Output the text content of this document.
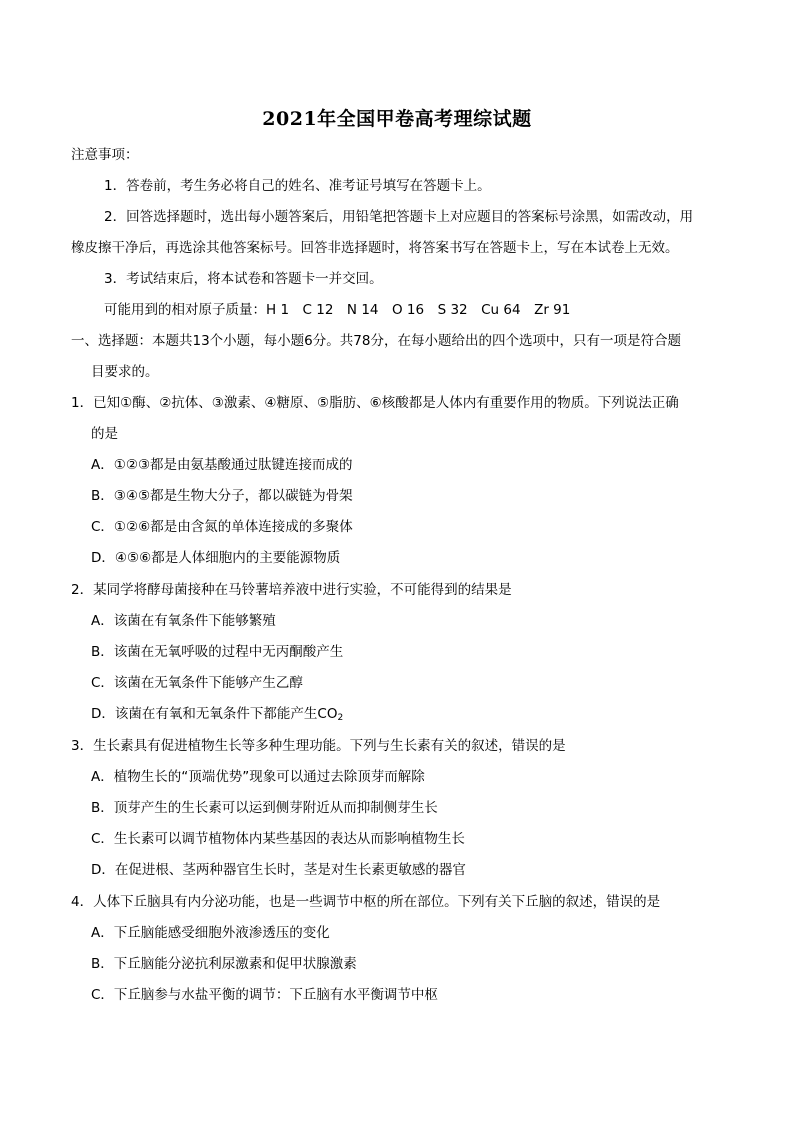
2021年全国甲卷高考理综试题
注意事项：
1．答卷前，考生务必将自己的姓名、准考证号填写在答题卡上。
2．回答选择题时，选出每小题答案后，用铅笔把答题卡上对应题目的答案标号涂黑，如需改动，用
橡皮擦干净后，再选涂其他答案标号。回答非选择题时，将答案书写在答题卡上，写在本试卷上无效。
3．考试结束后，将本试卷和答题卡一并交回。
可能用到的相对原子质量：H 1　C 12　N 14　O 16　S 32　Cu 64　Zr 91
一、选择题：本题共13个小题，每小题6分。共78分，在每小题给出的四个选项中，只有一项是符合题
目要求的。
1．已知①酶、②抗体、③激素、④糖原、⑤脂肪、⑥核酸都是人体内有重要作用的物质。下列说法正确
的是
A．①②③都是由氨基酸通过肽键连接而成的
B．③④⑤都是生物大分子，都以碳链为骨架
C．①②⑥都是由含氮的单体连接成的多聚体
D．④⑤⑥都是人体细胞内的主要能源物质
2．某同学将酵母菌接种在马铃薯培养液中进行实验，不可能得到的结果是
A．该菌在有氧条件下能够繁殖
B．该菌在无氧呼吸的过程中无丙酮酸产生
C．该菌在无氧条件下能够产生乙醇
D．该菌在有氧和无氧条件下都能产生$CO_2$
3．生长素具有促进植物生长等多种生理功能。下列与生长素有关的叙述，错误的是
A．植物生长的“顶端优势”现象可以通过去除顶芽而解除
B．顶芽产生的生长素可以运到侧芽附近从而抑制侧芽生长
C．生长素可以调节植物体内某些基因的表达从而影响植物生长
D．在促进根、茎两种器官生长时，茎是对生长素更敏感的器官
4．人体下丘脑具有内分泌功能，也是一些调节中枢的所在部位。下列有关下丘脑的叙述，错误的是
A．下丘脑能感受细胞外液渗透压的变化
B．下丘脑能分泌抗利尿激素和促甲状腺激素
C．下丘脑参与水盐平衡的调节：下丘脑有水平衡调节中枢
